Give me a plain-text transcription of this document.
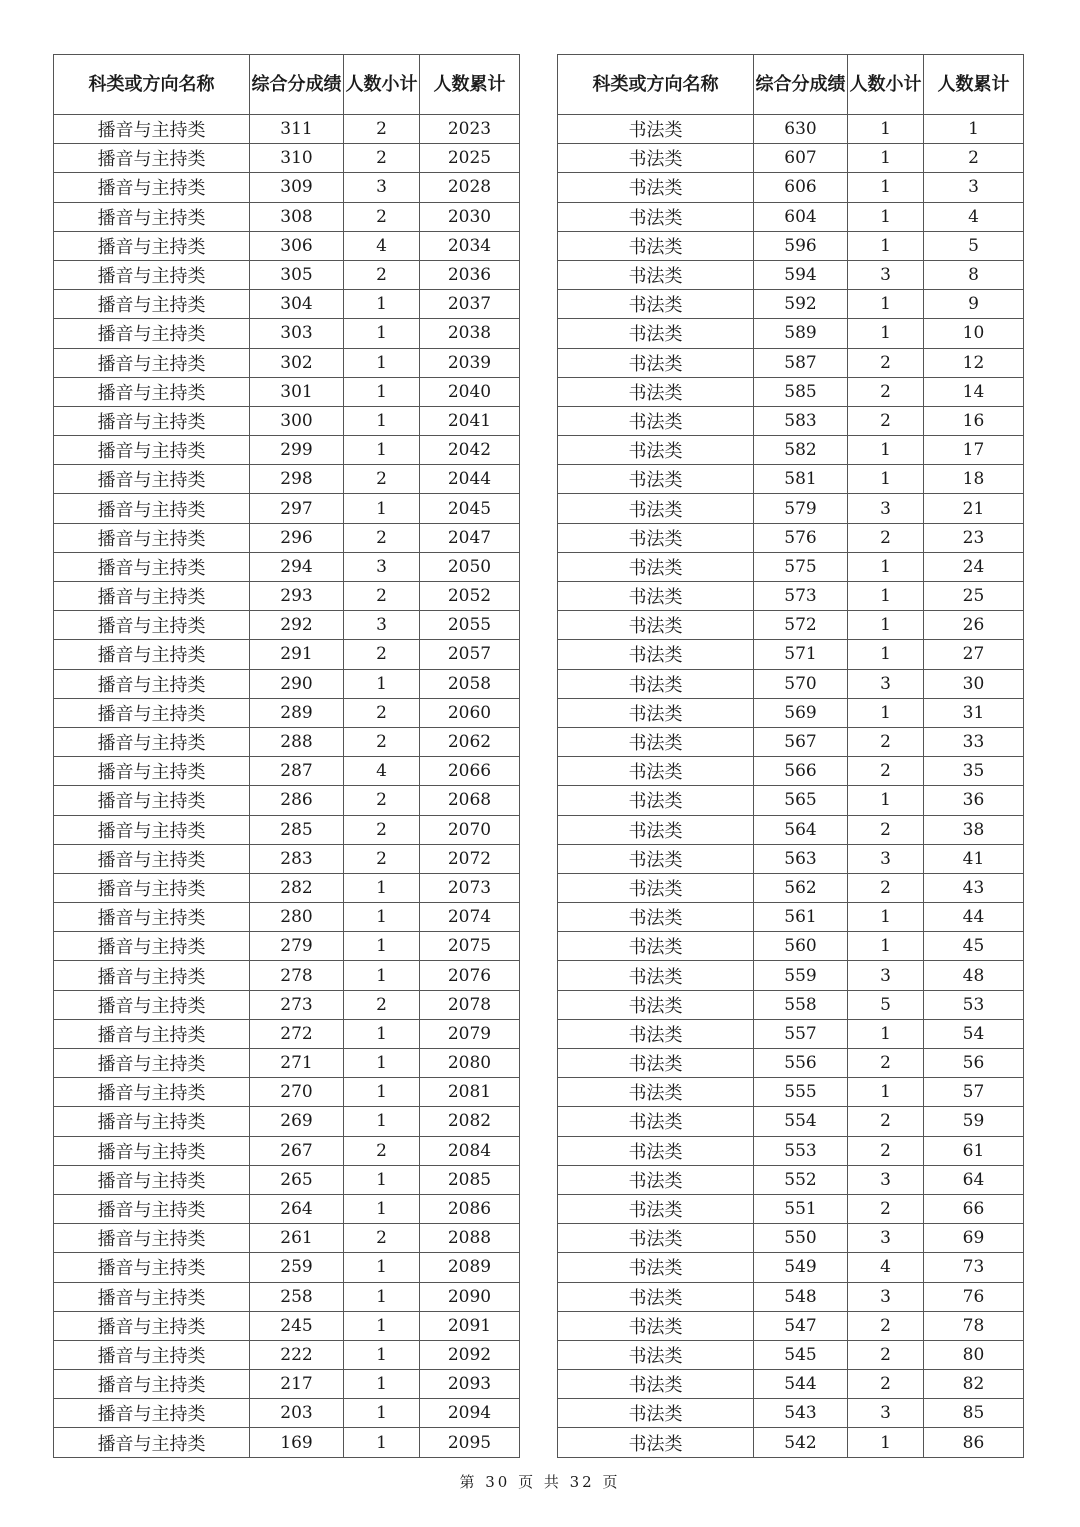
科类或方向名称	综合分成绩	人数小计	人数累计
播音与主持类	311	2	2023
播音与主持类	310	2	2025
播音与主持类	309	3	2028
播音与主持类	308	2	2030
播音与主持类	306	4	2034
播音与主持类	305	2	2036
播音与主持类	304	1	2037
播音与主持类	303	1	2038
播音与主持类	302	1	2039
播音与主持类	301	1	2040
播音与主持类	300	1	2041
播音与主持类	299	1	2042
播音与主持类	298	2	2044
播音与主持类	297	1	2045
播音与主持类	296	2	2047
播音与主持类	294	3	2050
播音与主持类	293	2	2052
播音与主持类	292	3	2055
播音与主持类	291	2	2057
播音与主持类	290	1	2058
播音与主持类	289	2	2060
播音与主持类	288	2	2062
播音与主持类	287	4	2066
播音与主持类	286	2	2068
播音与主持类	285	2	2070
播音与主持类	283	2	2072
播音与主持类	282	1	2073
播音与主持类	280	1	2074
播音与主持类	279	1	2075
播音与主持类	278	1	2076
播音与主持类	273	2	2078
播音与主持类	272	1	2079
播音与主持类	271	1	2080
播音与主持类	270	1	2081
播音与主持类	269	1	2082
播音与主持类	267	2	2084
播音与主持类	265	1	2085
播音与主持类	264	1	2086
播音与主持类	261	2	2088
播音与主持类	259	1	2089
播音与主持类	258	1	2090
播音与主持类	245	1	2091
播音与主持类	222	1	2092
播音与主持类	217	1	2093
播音与主持类	203	1	2094
播音与主持类	169	1	2095
科类或方向名称	综合分成绩	人数小计	人数累计
书法类	630	1	1
书法类	607	1	2
书法类	606	1	3
书法类	604	1	4
书法类	596	1	5
书法类	594	3	8
书法类	592	1	9
书法类	589	1	10
书法类	587	2	12
书法类	585	2	14
书法类	583	2	16
书法类	582	1	17
书法类	581	1	18
书法类	579	3	21
书法类	576	2	23
书法类	575	1	24
书法类	573	1	25
书法类	572	1	26
书法类	571	1	27
书法类	570	3	30
书法类	569	1	31
书法类	567	2	33
书法类	566	2	35
书法类	565	1	36
书法类	564	2	38
书法类	563	3	41
书法类	562	2	43
书法类	561	1	44
书法类	560	1	45
书法类	559	3	48
书法类	558	5	53
书法类	557	1	54
书法类	556	2	56
书法类	555	1	57
书法类	554	2	59
书法类	553	2	61
书法类	552	3	64
书法类	551	2	66
书法类	550	3	69
书法类	549	4	73
书法类	548	3	76
书法类	547	2	78
书法类	545	2	80
书法类	544	2	82
书法类	543	3	85
书法类	542	1	86
第 30 页 共 32 页
